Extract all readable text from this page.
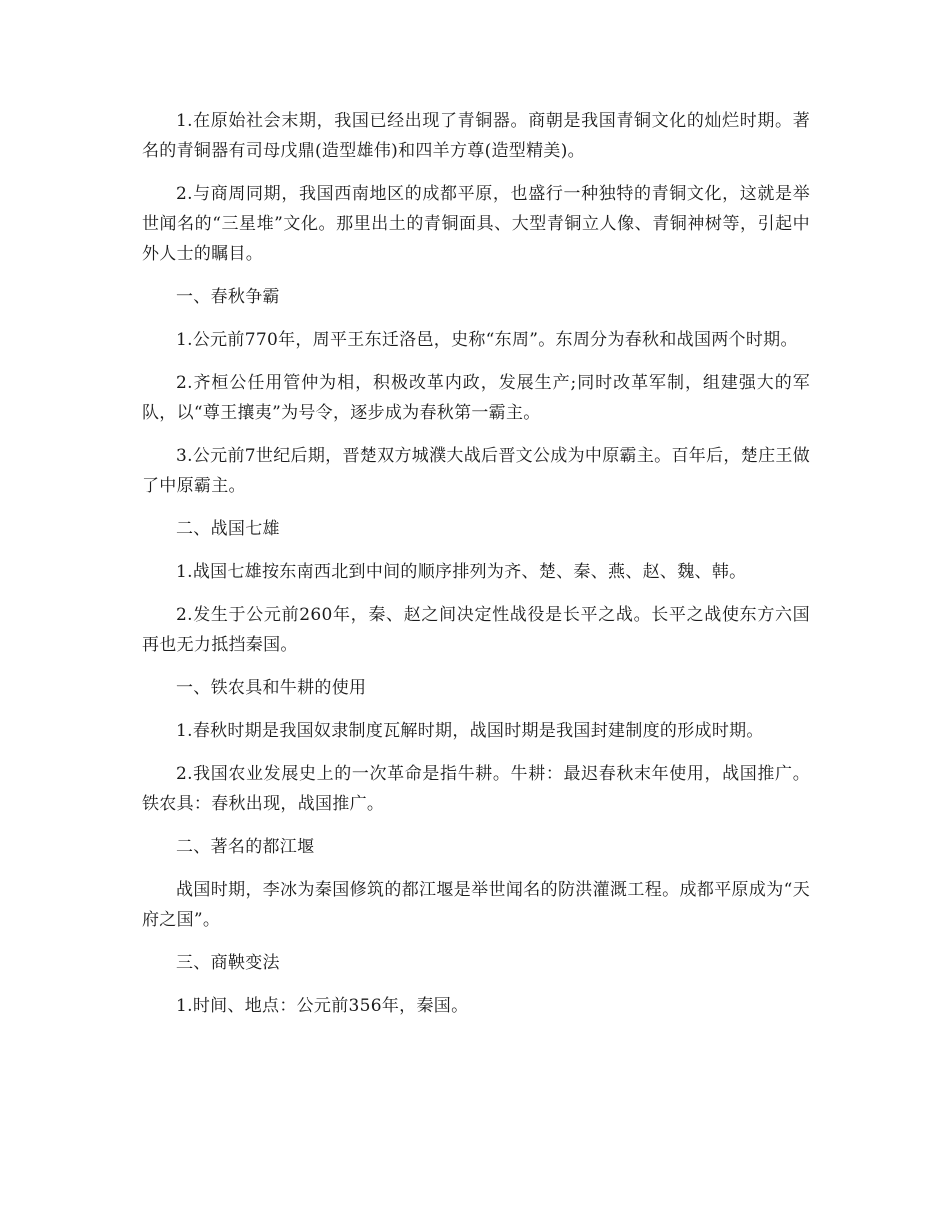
1.在原始社会末期，我国已经出现了青铜器。商朝是我国青铜文化的灿烂时期。著名的青铜器有司母戊鼎(造型雄伟)和四羊方尊(造型精美)。

2.与商周同期，我国西南地区的成都平原，也盛行一种独特的青铜文化，这就是举世闻名的“三星堆”文化。那里出土的青铜面具、大型青铜立人像、青铜神树等，引起中外人士的瞩目。

一、春秋争霸

1.公元前770年，周平王东迁洛邑，史称“东周”。东周分为春秋和战国两个时期。

2.齐桓公任用管仲为相，积极改革内政，发展生产;同时改革军制，组建强大的军队，以“尊王攘夷”为号令，逐步成为春秋第一霸主。

3.公元前7世纪后期，晋楚双方城濮大战后晋文公成为中原霸主。百年后，楚庄王做了中原霸主。

二、战国七雄

1.战国七雄按东南西北到中间的顺序排列为齐、楚、秦、燕、赵、魏、韩。

2.发生于公元前260年，秦、赵之间决定性战役是长平之战。长平之战使东方六国再也无力抵挡秦国。

一、铁农具和牛耕的使用

1.春秋时期是我国奴隶制度瓦解时期，战国时期是我国封建制度的形成时期。

2.我国农业发展史上的一次革命是指牛耕。牛耕：最迟春秋末年使用，战国推广。铁农具：春秋出现，战国推广。

二、著名的都江堰

战国时期，李冰为秦国修筑的都江堰是举世闻名的防洪灌溉工程。成都平原成为“天府之国”。

三、商鞅变法

1.时间、地点：公元前356年，秦国。
